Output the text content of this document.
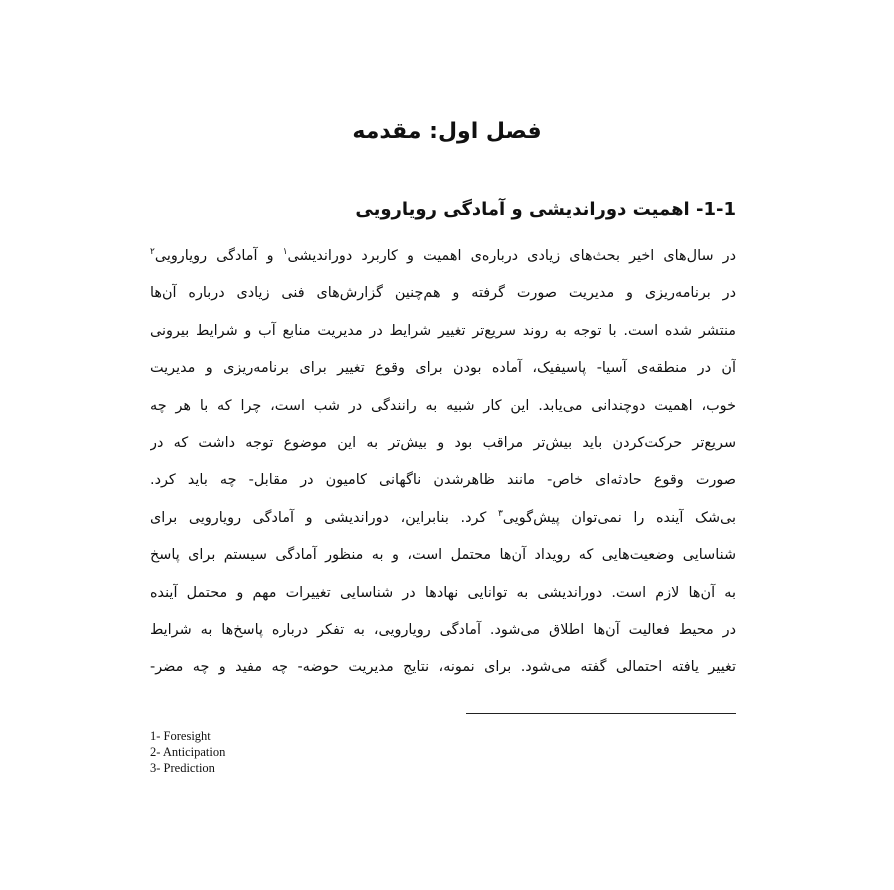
فصل اول: مقدمه
1-1- اهمیت دوراندیشی و آمادگی رویارویی
در سال‌های اخیر بحث‌های زیادی درباره‌ی اهمیت و کاربرد دوراندیشی$^۱$ و آمادگی رویارویی$^۲$
در برنامه‌ریزی و مدیریت صورت گرفته و هم‌چنین گزارش‌های فنی زیادی درباره آن‌ها
منتشر شده است. با توجه به روند سریع‌تر تغییر شرایط در مدیریت منابع آب و شرایط بیرونی
آن در منطقه‌ی آسیا- پاسیفیک، آماده بودن برای وقوع تغییر برای برنامه‌ریزی و مدیریت
خوب، اهمیت دوچندانی می‌یابد. این کار شبیه به رانندگی در شب است، چرا که با هر چه
سریع‌تر حرکت‌کردن باید بیش‌تر مراقب بود و بیش‌تر به این موضوع توجه داشت که در
صورت وقوع حادثه‌ای خاص- مانند ظاهرشدن ناگهانی کامیون در مقابل- چه باید کرد.
بی‌شک آینده را نمی‌توان پیش‌گویی$^۳$ کرد. بنابراین، دوراندیشی و آمادگی رویارویی برای
شناسایی وضعیت‌هایی که رویداد آن‌ها محتمل است، و به منظور آمادگی سیستم برای پاسخ
به آن‌ها لازم است. دوراندیشی به توانایی نهادها در شناسایی تغییرات مهم و محتمل آینده
در محیط فعالیت آن‌ها اطلاق می‌شود. آمادگی رویارویی، به تفکر درباره پاسخ‌ها به شرایط
تغییر یافته احتمالی گفته می‌شود. برای نمونه، نتایج مدیریت حوضه- چه مفید و چه مضر-
1- Foresight
2- Anticipation
3- Prediction
